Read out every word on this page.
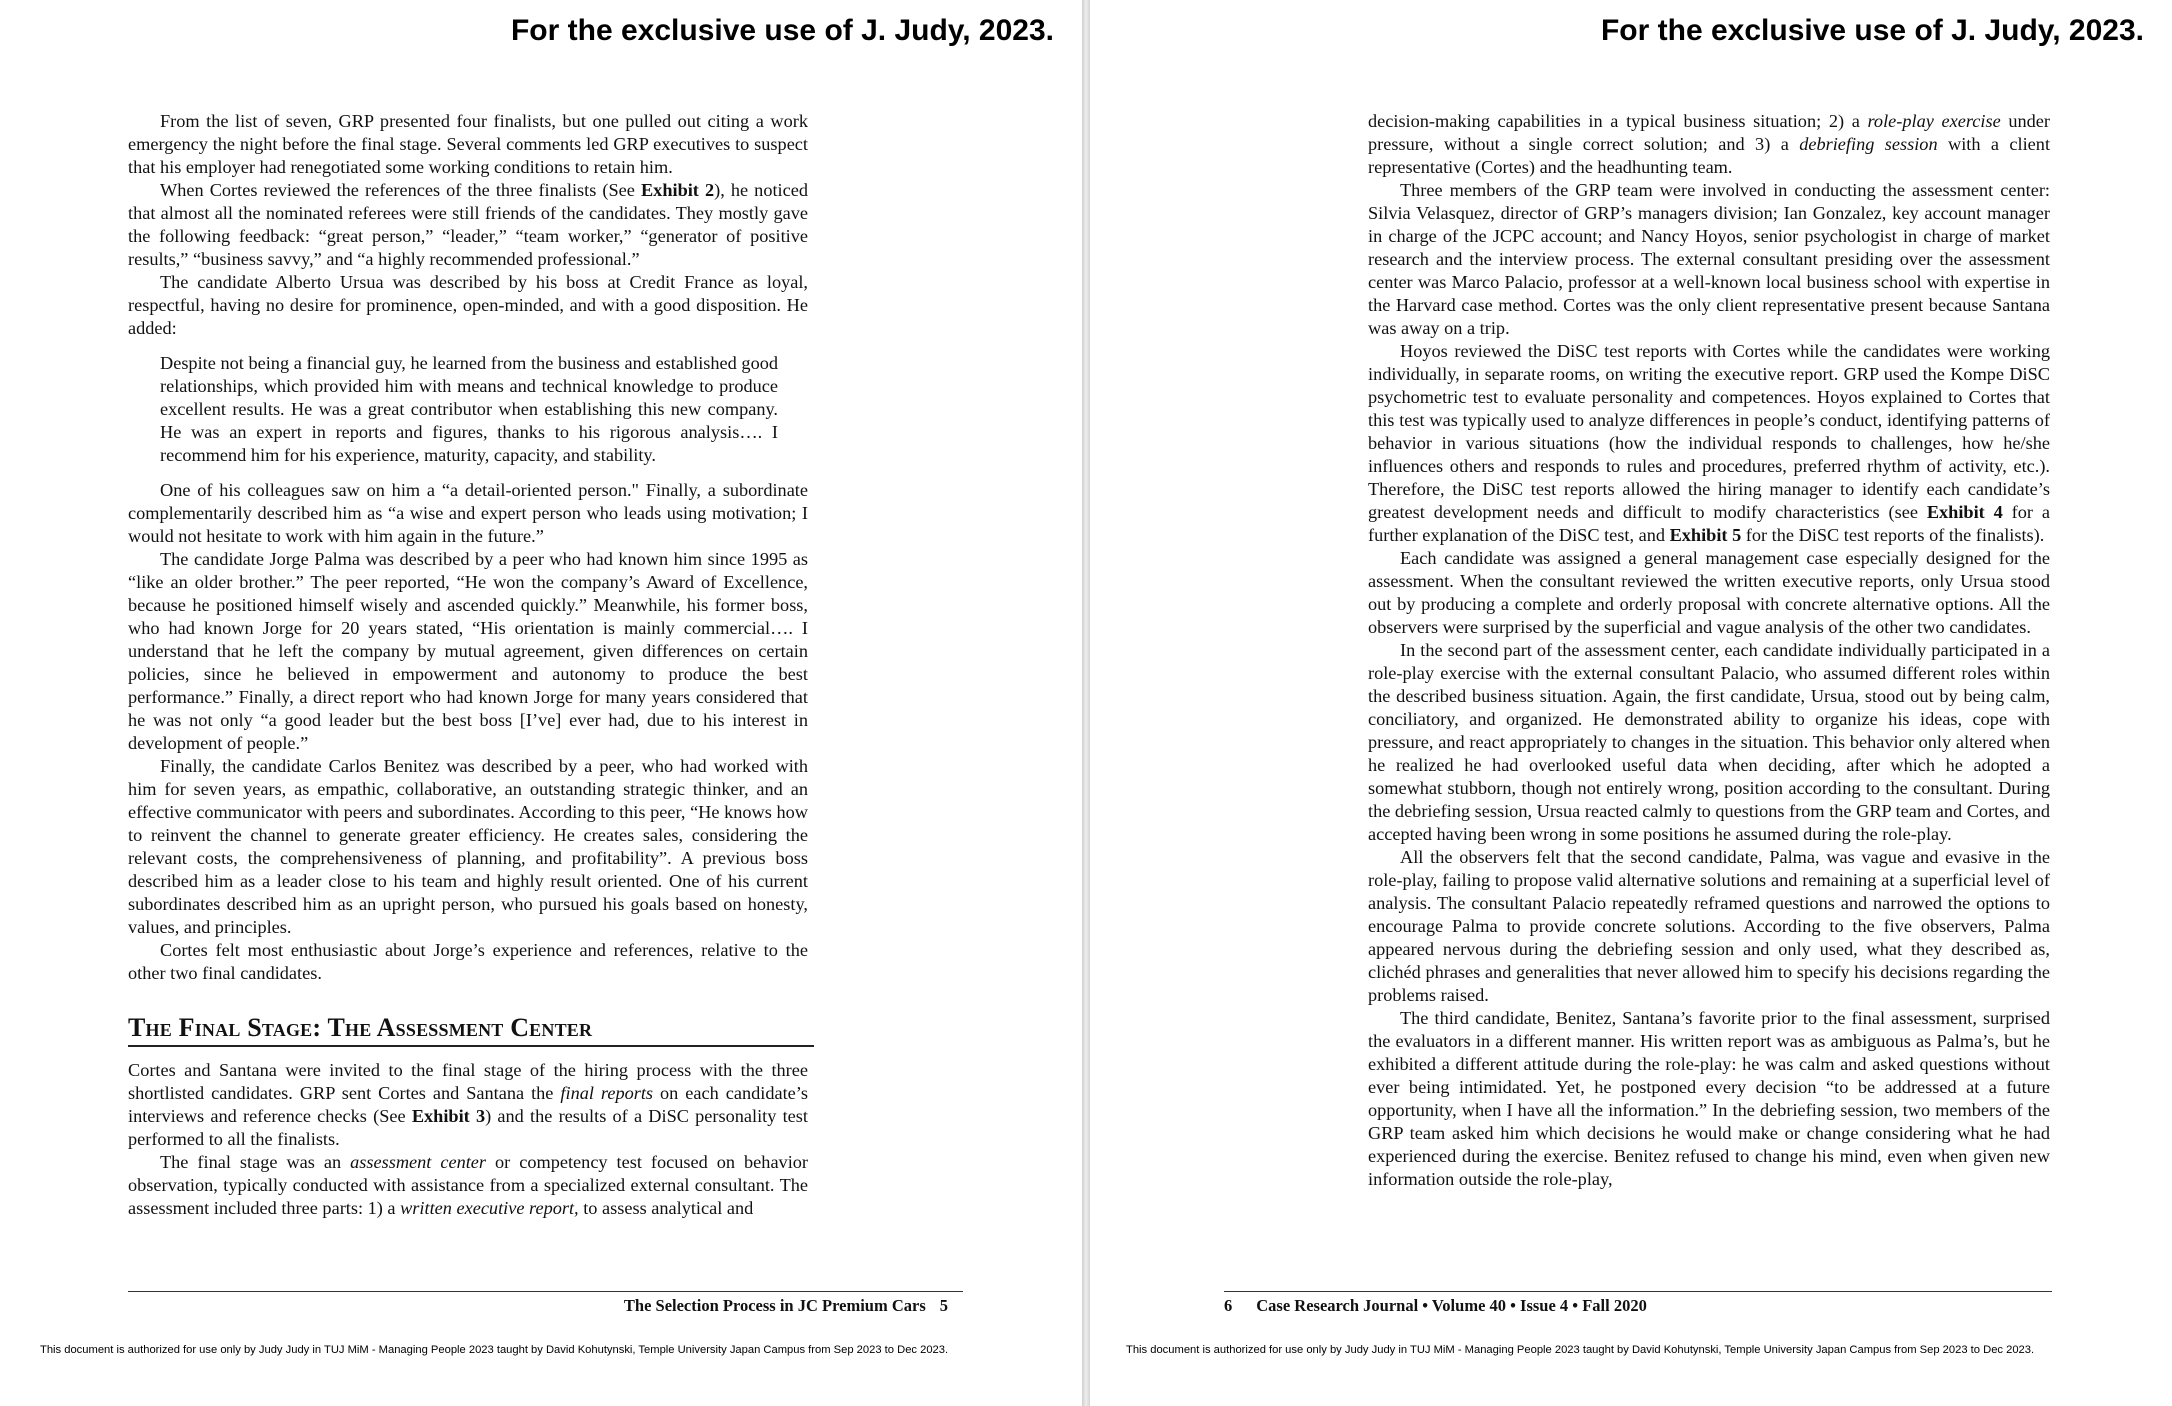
For the exclusive use of J. Judy, 2023.

From the list of seven, GRP presented four finalists, but one pulled out citing a work emergency the night before the final stage. Several comments led GRP executives to suspect that his employer had renegotiated some working conditions to retain him.

When Cortes reviewed the references of the three finalists (See Exhibit 2), he noticed that almost all the nominated referees were still friends of the candidates. They mostly gave the following feedback: “great person,” “leader,” “team worker,” “generator of positive results,” “business savvy,” and “a highly recommended professional.”

The candidate Alberto Ursua was described by his boss at Credit France as loyal, respectful, having no desire for prominence, open-minded, and with a good disposition. He added:

Despite not being a financial guy, he learned from the business and established good relationships, which provided him with means and technical knowledge to produce excellent results. He was a great contributor when establishing this new company. He was an expert in reports and figures, thanks to his rigorous analysis…. I recommend him for his experience, maturity, capacity, and stability.

One of his colleagues saw on him a “a detail-oriented person." Finally, a subordinate complementarily described him as “a wise and expert person who leads using motivation; I would not hesitate to work with him again in the future.”

The candidate Jorge Palma was described by a peer who had known him since 1995 as “like an older brother.” The peer reported, “He won the company’s Award of Excellence, because he positioned himself wisely and ascended quickly.” Meanwhile, his former boss, who had known Jorge for 20 years stated, “His orientation is mainly commercial…. I understand that he left the company by mutual agreement, given differences on certain policies, since he believed in empowerment and autonomy to produce the best performance.” Finally, a direct report who had known Jorge for many years considered that he was not only “a good leader but the best boss [I’ve] ever had, due to his interest in development of people.”

Finally, the candidate Carlos Benitez was described by a peer, who had worked with him for seven years, as empathic, collaborative, an outstanding strategic thinker, and an effective communicator with peers and subordinates. According to this peer, “He knows how to reinvent the channel to generate greater efficiency. He creates sales, considering the relevant costs, the comprehensiveness of planning, and profitability”. A previous boss described him as a leader close to his team and highly result oriented. One of his current subordinates described him as an upright person, who pursued his goals based on honesty, values, and principles.

Cortes felt most enthusiastic about Jorge’s experience and references, relative to the other two final candidates.

The Final Stage: The Assessment Center

Cortes and Santana were invited to the final stage of the hiring process with the three shortlisted candidates. GRP sent Cortes and Santana the final reports on each candidate’s interviews and reference checks (See Exhibit 3) and the results of a DiSC personality test performed to all the finalists.

The final stage was an assessment center or competency test focused on behavior observation, typically conducted with assistance from a specialized external consultant. The assessment included three parts: 1) a written executive report, to assess analytical and

The Selection Process in JC Premium Cars 5

This document is authorized for use only by Judy Judy in TUJ MiM - Managing People 2023 taught by David Kohutynski, Temple University Japan Campus from Sep 2023 to Dec 2023.

For the exclusive use of J. Judy, 2023.

decision-making capabilities in a typical business situation; 2) a role-play exercise under pressure, without a single correct solution; and 3) a debriefing session with a client representative (Cortes) and the headhunting team.

Three members of the GRP team were involved in conducting the assessment center: Silvia Velasquez, director of GRP’s managers division; Ian Gonzalez, key account manager in charge of the JCPC account; and Nancy Hoyos, senior psychologist in charge of market research and the interview process. The external consultant presiding over the assessment center was Marco Palacio, professor at a well-known local business school with expertise in the Harvard case method. Cortes was the only client representative present because Santana was away on a trip.

Hoyos reviewed the DiSC test reports with Cortes while the candidates were working individually, in separate rooms, on writing the executive report. GRP used the Kompe DiSC psychometric test to evaluate personality and competences. Hoyos explained to Cortes that this test was typically used to analyze differences in people’s conduct, identifying patterns of behavior in various situations (how the individual responds to challenges, how he/she influences others and responds to rules and procedures, preferred rhythm of activity, etc.). Therefore, the DiSC test reports allowed the hiring manager to identify each candidate’s greatest development needs and difficult to modify characteristics (see Exhibit 4 for a further explanation of the DiSC test, and Exhibit 5 for the DiSC test reports of the finalists).

Each candidate was assigned a general management case especially designed for the assessment. When the consultant reviewed the written executive reports, only Ursua stood out by producing a complete and orderly proposal with concrete alternative options. All the observers were surprised by the superficial and vague analysis of the other two candidates.

In the second part of the assessment center, each candidate individually participated in a role-play exercise with the external consultant Palacio, who assumed different roles within the described business situation. Again, the first candidate, Ursua, stood out by being calm, conciliatory, and organized. He demonstrated ability to organize his ideas, cope with pressure, and react appropriately to changes in the situation. This behavior only altered when he realized he had overlooked useful data when deciding, after which he adopted a somewhat stubborn, though not entirely wrong, position according to the consultant. During the debriefing session, Ursua reacted calmly to questions from the GRP team and Cortes, and accepted having been wrong in some positions he assumed during the role-play.

All the observers felt that the second candidate, Palma, was vague and evasive in the role-play, failing to propose valid alternative solutions and remaining at a superficial level of analysis. The consultant Palacio repeatedly reframed questions and narrowed the options to encourage Palma to provide concrete solutions. According to the five observers, Palma appeared nervous during the debriefing session and only used, what they described as, clichéd phrases and generalities that never allowed him to specify his decisions regarding the problems raised.

The third candidate, Benitez, Santana’s favorite prior to the final assessment, surprised the evaluators in a different manner. His written report was as ambiguous as Palma’s, but he exhibited a different attitude during the role-play: he was calm and asked questions without ever being intimidated. Yet, he postponed every decision “to be addressed at a future opportunity, when I have all the information.” In the debriefing session, two members of the GRP team asked him which decisions he would make or change considering what he had experienced during the exercise. Benitez refused to change his mind, even when given new information outside the role-play,

6 Case Research Journal • Volume 40 • Issue 4 • Fall 2020

This document is authorized for use only by Judy Judy in TUJ MiM - Managing People 2023 taught by David Kohutynski, Temple University Japan Campus from Sep 2023 to Dec 2023.
